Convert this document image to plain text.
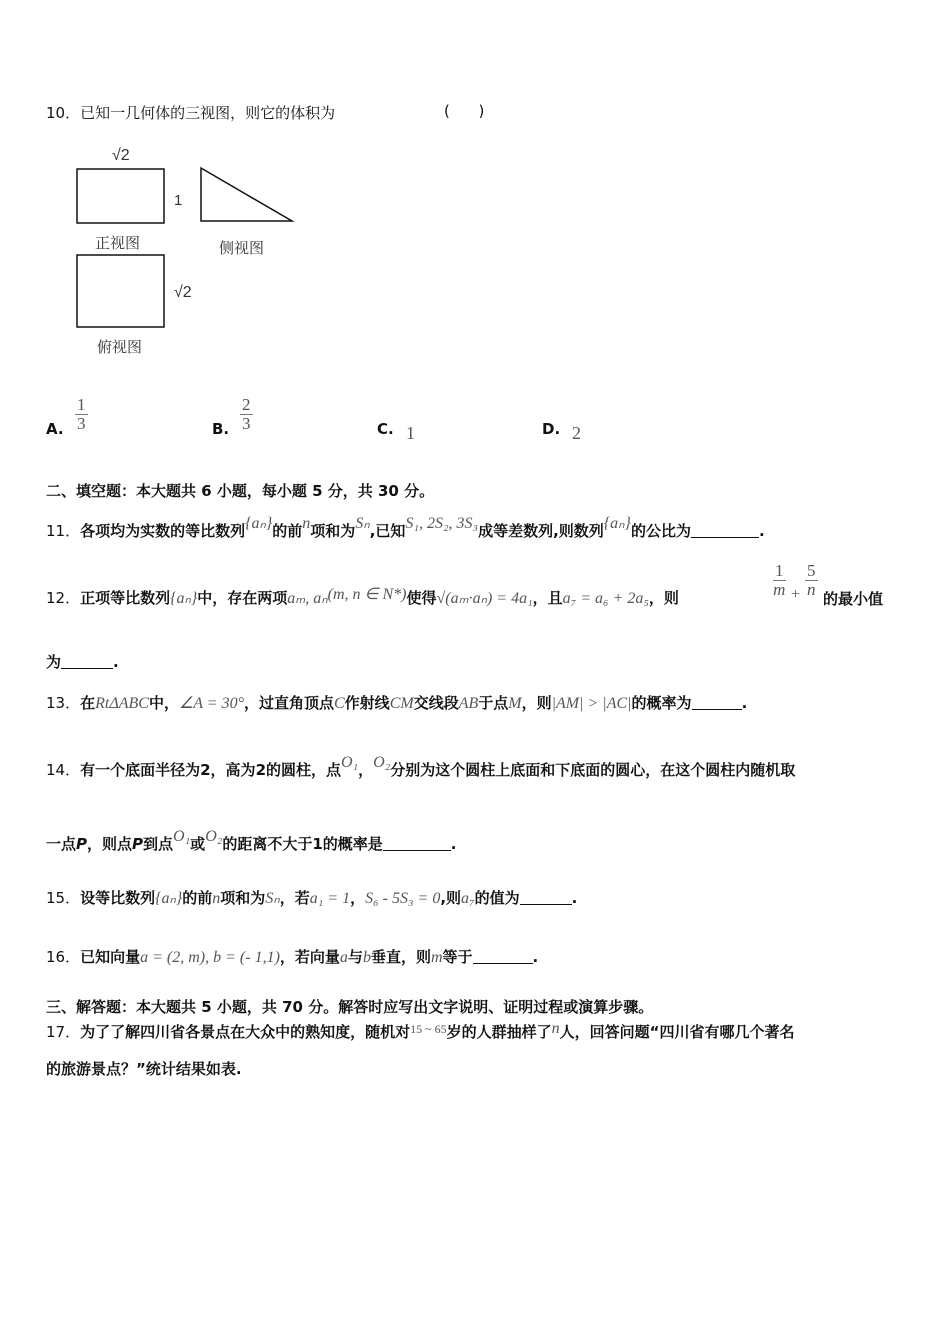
10．已知一几何体的三视图，则它的体积为	(      )
√2
1
√2
正视图	侧视图
俯视图
A. $\frac{1}{3}$	B. $\frac{2}{3}$	C. 1	D. 2
二、填空题：本大题共 6 小题，每小题 5 分，共 30 分。
11．各项均为实数的等比数列{aₙ}的前n项和为Sₙ,已知S₁, 2S₂, 3S₃成等差数列,则数列{aₙ}的公比为	.
12．正项等比数列{aₙ}中，存在两项aₘ, aₙ(m, n ∈ N*)使得√(aₘ·aₙ) = 4a₁，且a₇ = a₆ + 2a₅，则	$\frac{1}{m} + \frac{5}{n}$
的最小值
为	.
13．在RtΔABC中，∠A = 30°，过直角顶点C作射线CM交线段AB于点M，则|AM| > |AC|的概率为	.
14．有一个底面半径为2，高为2的圆柱，点O₁，O₂分别为这个圆柱上底面和下底面的圆心，在这个圆柱内随机取
一点P，则点P到点O₁或O₂的距离不大于1的概率是	.
15．设等比数列{aₙ}的前n项和为Sₙ，若a₁ = 1，S₆ - 5S₃ = 0,则a₇的值为	.
16．已知向量a = (2, m), b = (- 1,1)，若向量a与b垂直，则m等于	.
三、解答题：本大题共 5 小题，共 70 分。解答时应写出文字说明、证明过程或演算步骤。
17．为了了解四川省各景点在大众中的熟知度，随机对$^{15 \sim 65}$岁的人群抽样了n人，回答问题“四川省有哪几个著名
的旅游景点？”统计结果如表.
